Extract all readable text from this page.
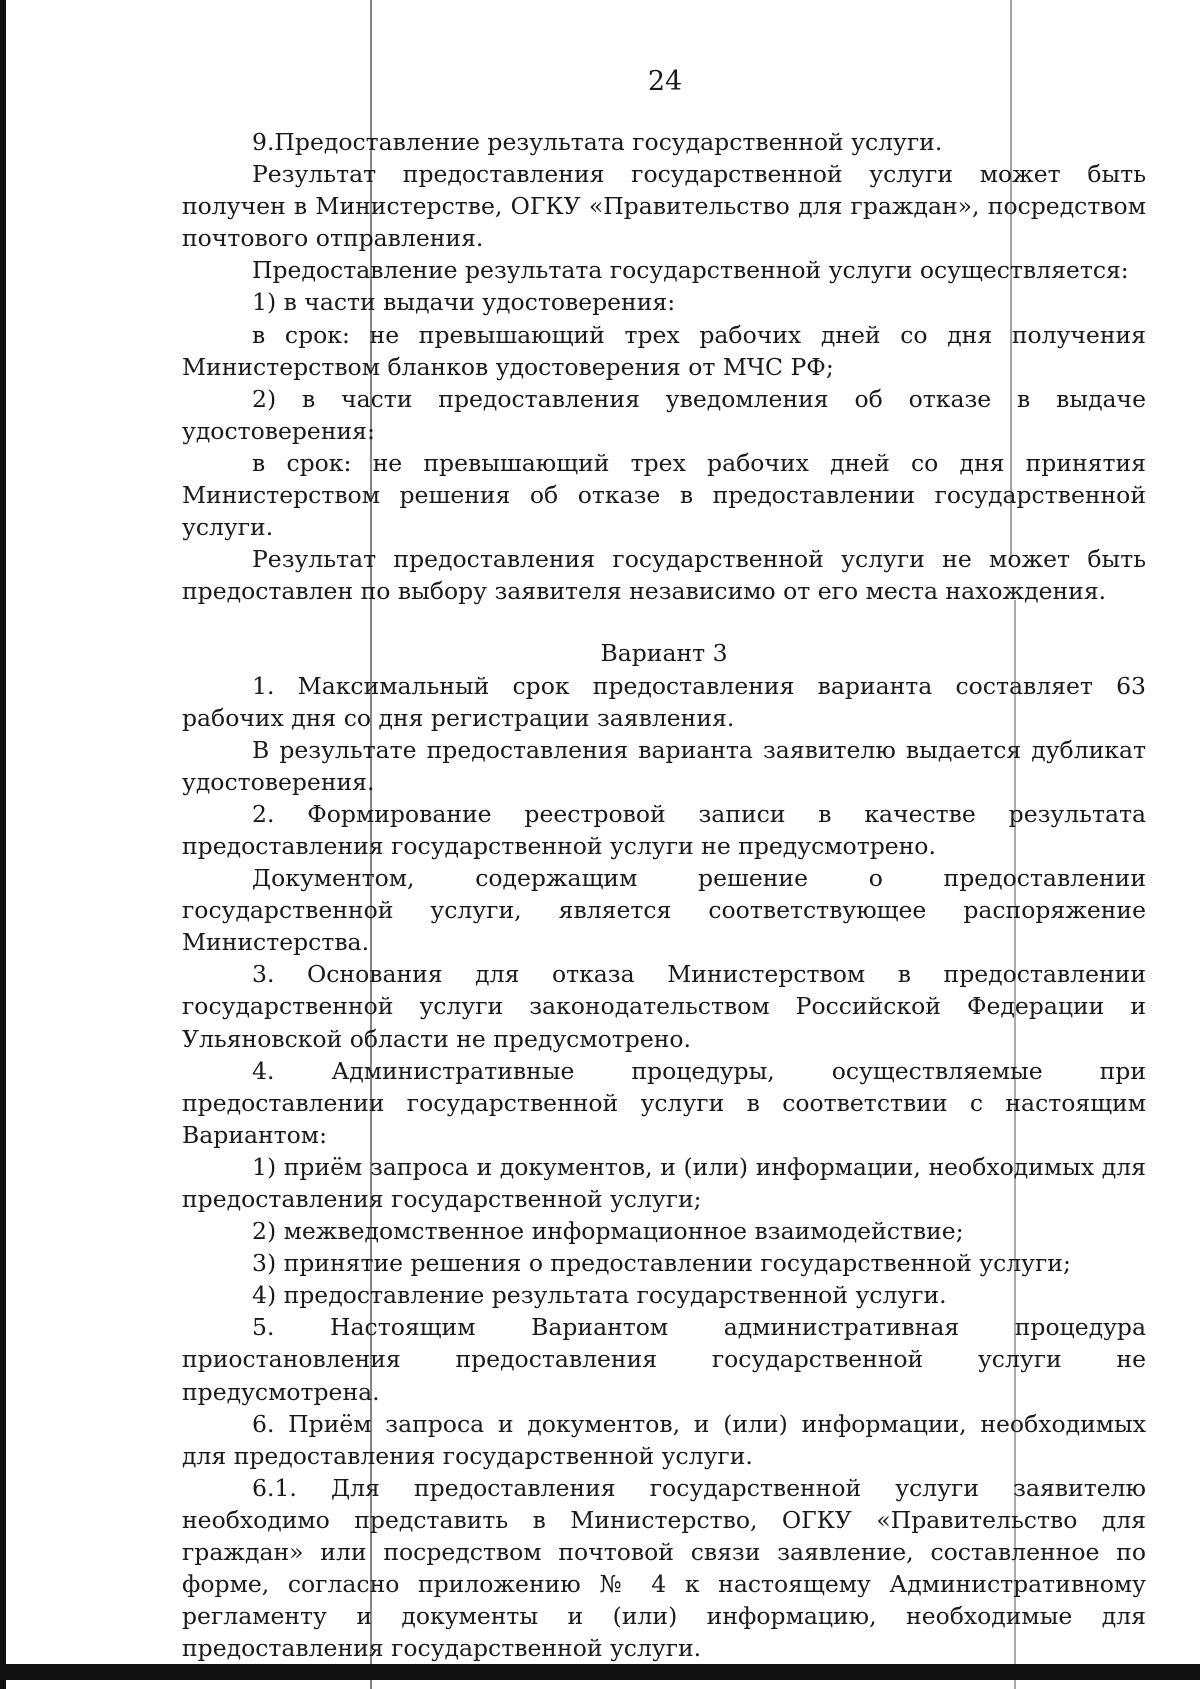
24

9.Предоставление результата государственной услуги.

Результат предоставления государственной услуги может быть получен в Министерстве, ОГКУ «Правительство для граждан», посредством почтового отправления.

Предоставление результата государственной услуги осуществляется:

1) в части выдачи удостоверения:

в срок: не превышающий трех рабочих дней со дня получения Министерством бланков удостоверения от МЧС РФ;

2) в части предоставления уведомления об отказе в выдаче удостоверения:

в срок: не превышающий трех рабочих дней со дня принятия Министерством решения об отказе в предоставлении государственной услуги.

Результат предоставления государственной услуги не может быть предоставлен по выбору заявителя независимо от его места нахождения.

Вариант 3

1. Максимальный срок предоставления варианта составляет 63 рабочих дня со дня регистрации заявления.

В результате предоставления варианта заявителю выдается дубликат удостоверения.

2. Формирование реестровой записи в качестве результата предоставления государственной услуги не предусмотрено.

Документом, содержащим решение о предоставлении государственной услуги, является соответствующее распоряжение Министерства.

3. Основания для отказа Министерством в предоставлении государственной услуги законодательством Российской Федерации и Ульяновской области не предусмотрено.

4. Административные процедуры, осуществляемые при предоставлении государственной услуги в соответствии с настоящим Вариантом:

1) приём запроса и документов, и (или) информации, необходимых для предоставления государственной услуги;

2) межведомственное информационное взаимодействие;

3) принятие решения о предоставлении государственной услуги;

4) предоставление результата государственной услуги.

5. Настоящим Вариантом административная процедура приостановления предоставления государственной услуги не предусмотрена.

6. Приём запроса и документов, и (или) информации, необходимых для предоставления государственной услуги.

6.1. Для предоставления государственной услуги заявителю необходимо представить в Министерство, ОГКУ «Правительство для граждан» или посредством почтовой связи заявление, составленное по форме, согласно приложению № 4 к настоящему Административному регламенту и документы и (или) информацию, необходимые для предоставления государственной услуги.
